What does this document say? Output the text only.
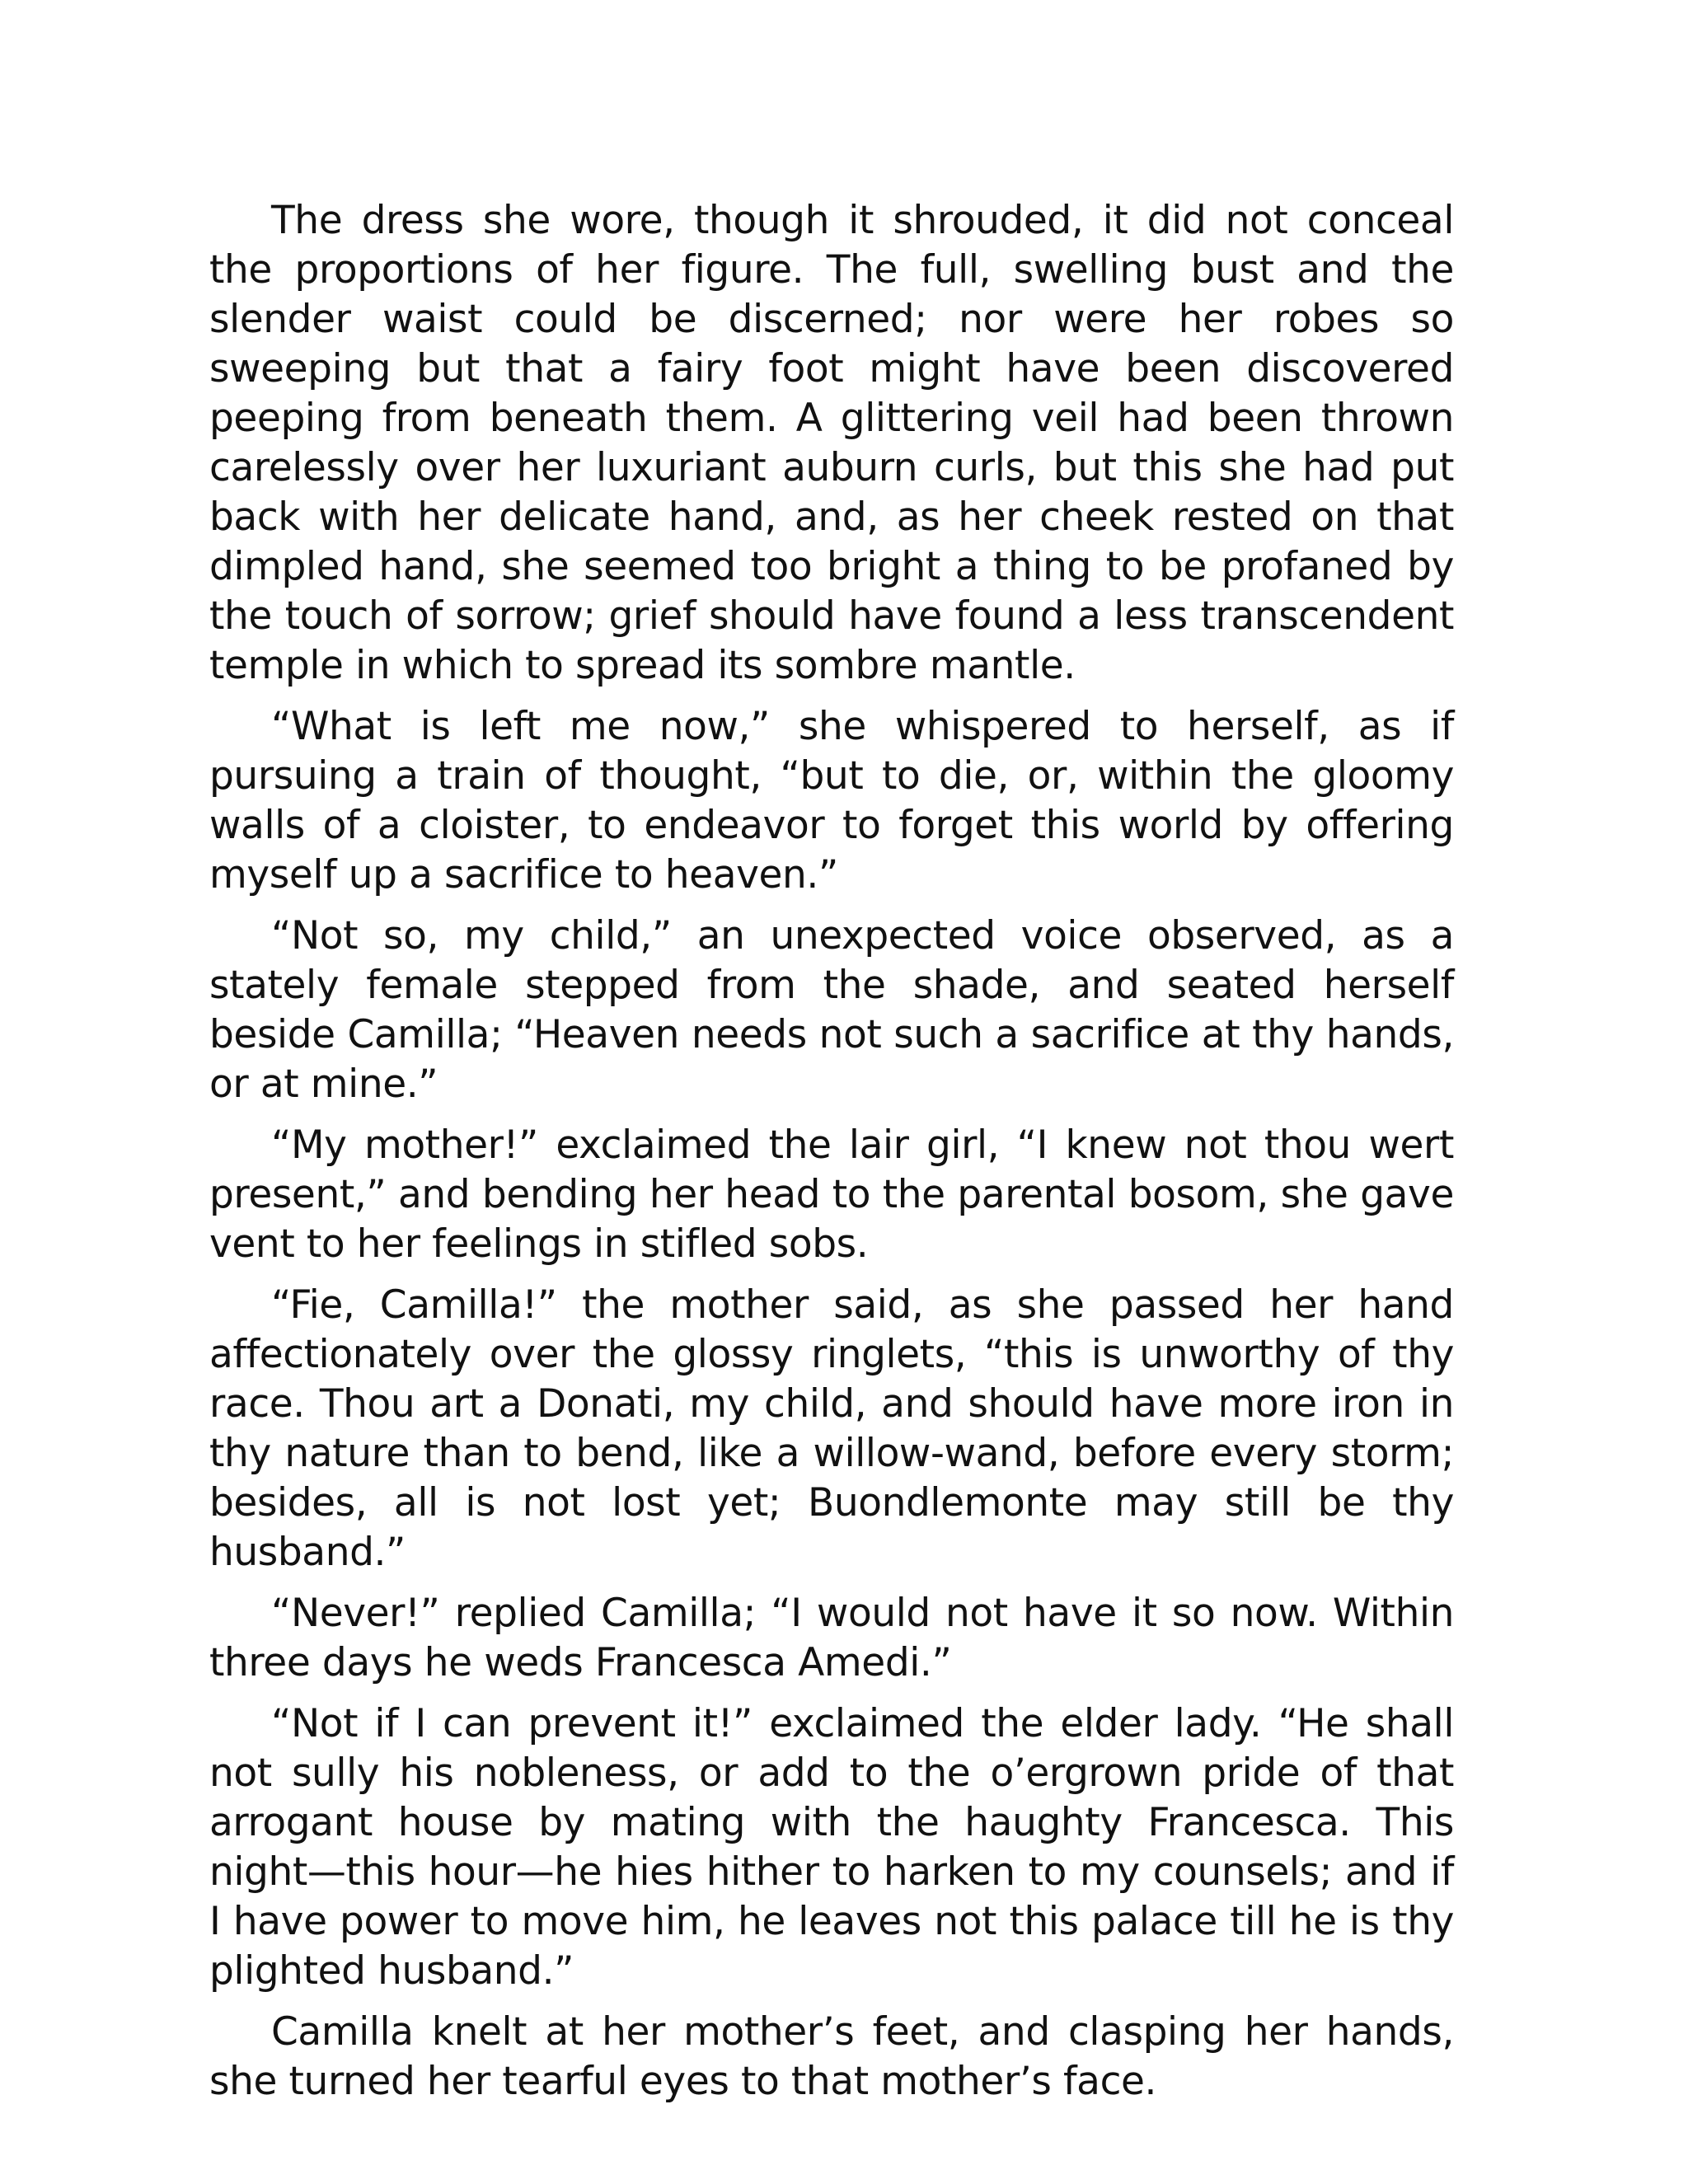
The dress she wore, though it shrouded, it did not conceal the proportions of her figure. The full, swelling bust and the slender waist could be discerned; nor were her robes so sweeping but that a fairy foot might have been discovered peeping from beneath them. A glittering veil had been thrown carelessly over her luxuriant auburn curls, but this she had put back with her delicate hand, and, as her cheek rested on that dimpled hand, she seemed too bright a thing to be profaned by the touch of sorrow; grief should have found a less transcendent temple in which to spread its sombre mantle.

“What is left me now,” she whispered to herself, as if pursuing a train of thought, “but to die, or, within the gloomy walls of a cloister, to endeavor to forget this world by offering myself up a sacrifice to heaven.”

“Not so, my child,” an unexpected voice observed, as a stately female stepped from the shade, and seated herself beside Camilla; “Heaven needs not such a sacrifice at thy hands, or at mine.”

“My mother!” exclaimed the lair girl, “I knew not thou wert present,” and bending her head to the parental bosom, she gave vent to her feelings in stifled sobs.

“Fie, Camilla!” the mother said, as she passed her hand affectionately over the glossy ringlets, “this is unworthy of thy race. Thou art a Donati, my child, and should have more iron in thy nature than to bend, like a willow-wand, before every storm; besides, all is not lost yet; Buondlemonte may still be thy husband.”

“Never!” replied Camilla; “I would not have it so now. Within three days he weds Francesca Amedi.”

“Not if I can prevent it!” exclaimed the elder lady. “He shall not sully his nobleness, or add to the o’ergrown pride of that arrogant house by mating with the haughty Francesca. This night—this hour—he hies hither to harken to my counsels; and if I have power to move him, he leaves not this palace till he is thy plighted husband.”

Camilla knelt at her mother’s feet, and clasping her hands, she turned her tearful eyes to that mother’s face.
